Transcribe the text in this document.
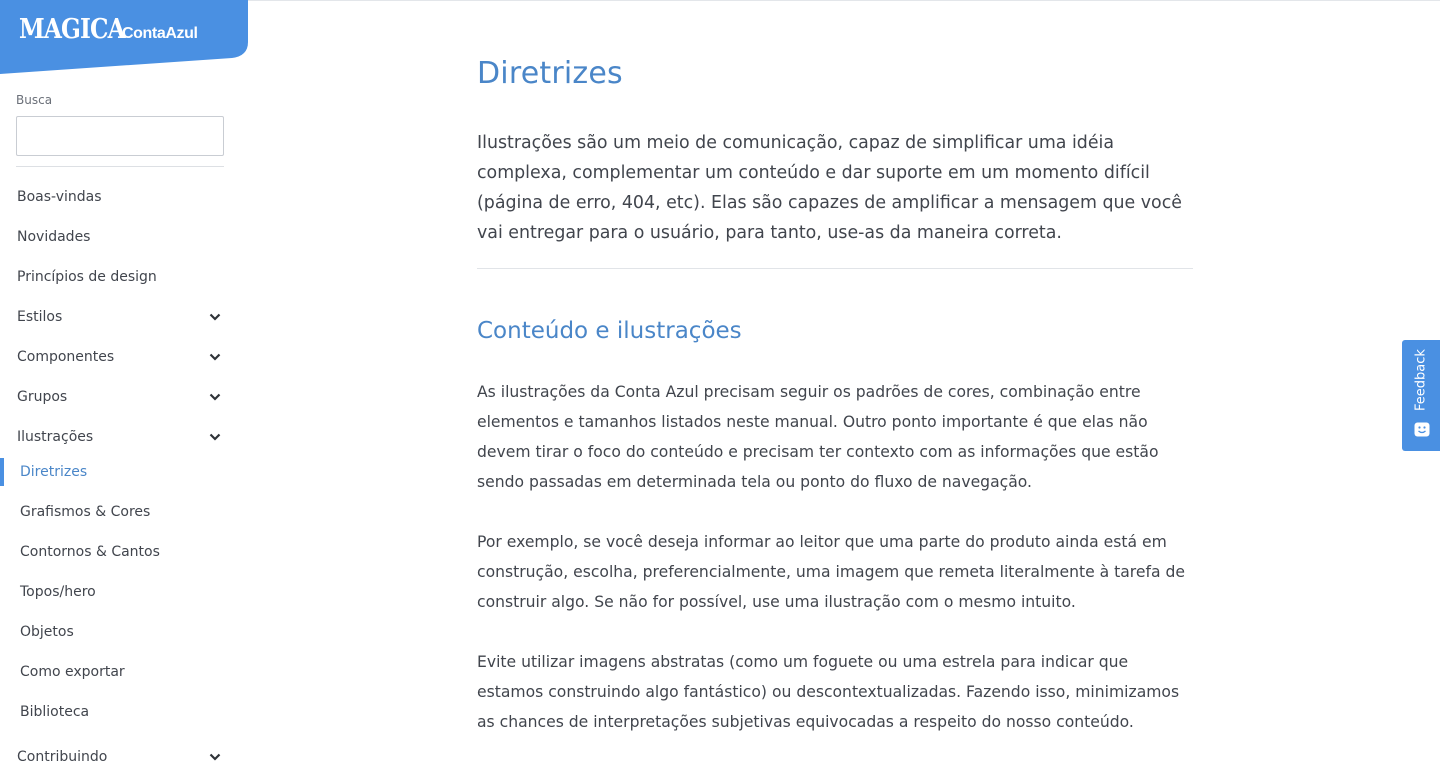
MAGICA
ContaAzul
Busca
Boas-vindas
Novidades
Princípios de design
Estilos
Componentes
Grupos
Ilustrações
Diretrizes
Grafismos & Cores
Contornos & Cantos
Topos/hero
Objetos
Como exportar
Biblioteca
Contribuindo
Diretrizes

Ilustrações são um meio de comunicação, capaz de simplificar uma idéia complexa, complementar um conteúdo e dar suporte em um momento difícil (página de erro, 404, etc). Elas são capazes de amplificar a mensagem que você vai entregar para o usuário, para tanto, use-as da maneira correta.

Conteúdo e ilustrações

As ilustrações da Conta Azul precisam seguir os padrões de cores, combinação entre elementos e tamanhos listados neste manual. Outro ponto importante é que elas não devem tirar o foco do conteúdo e precisam ter contexto com as informações que estão sendo passadas em determinada tela ou ponto do fluxo de navegação.

Por exemplo, se você deseja informar ao leitor que uma parte do produto ainda está em construção, escolha, preferencialmente, uma imagem que remeta literalmente à tarefa de construir algo. Se não for possível, use uma ilustração com o mesmo intuito.

Evite utilizar imagens abstratas (como um foguete ou uma estrela para indicar que estamos construindo algo fantástico) ou descontextualizadas. Fazendo isso, minimizamos as chances de interpretações subjetivas equivocadas a respeito do nosso conteúdo.

Feedback
